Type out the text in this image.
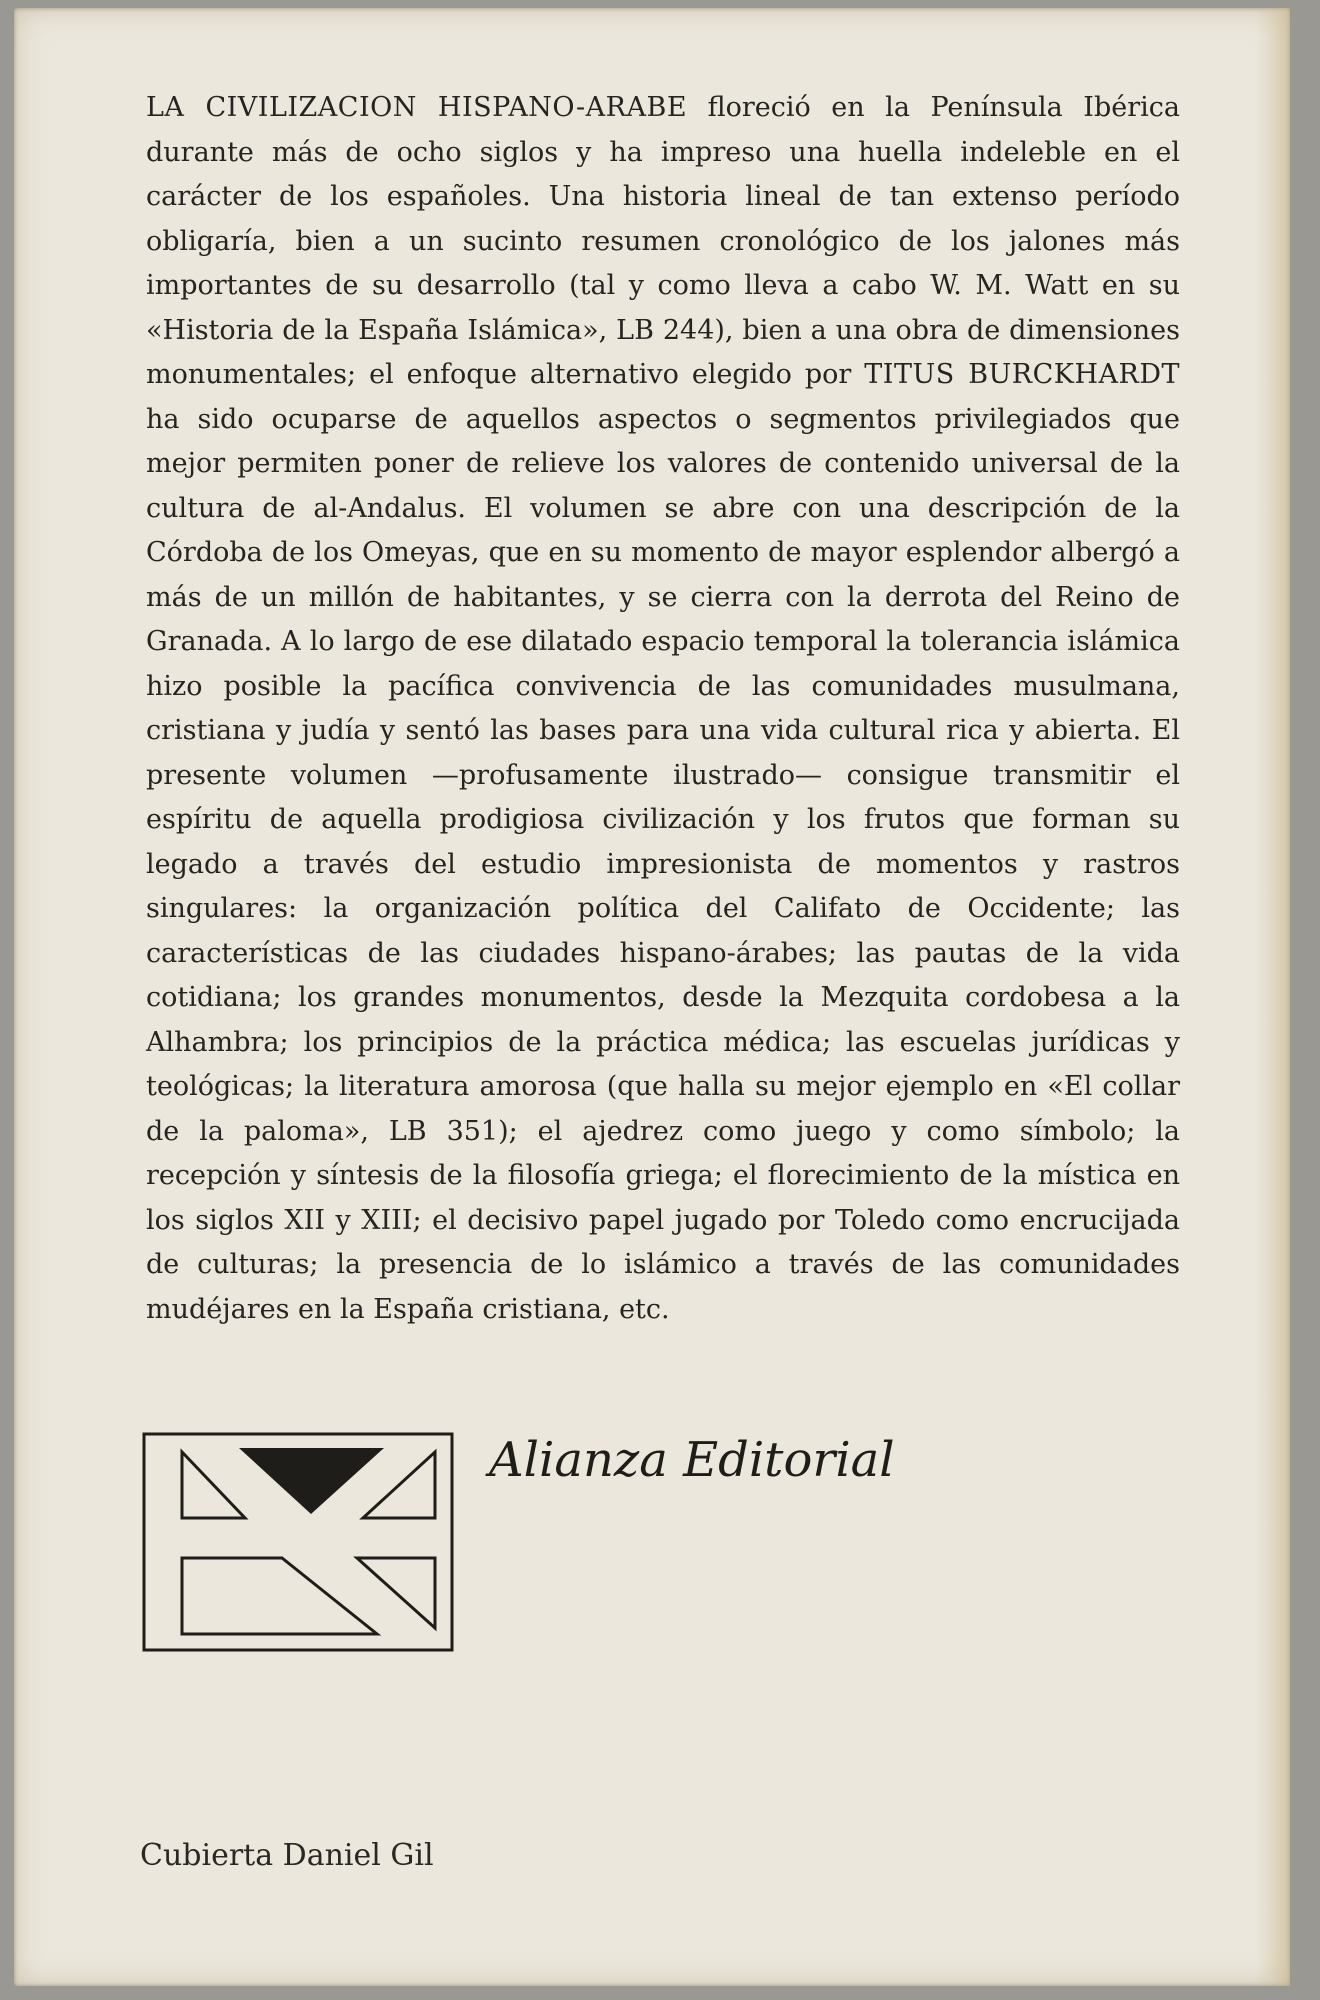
LA CIVILIZACION HISPANO-ARABE floreció en la Península Ibérica durante más de ocho siglos y ha impreso una huella indeleble en el carácter de los españoles. Una historia lineal de tan extenso período obligaría, bien a un sucinto resumen cronológico de los jalones más importantes de su desarrollo (tal y como lleva a cabo W. M. Watt en su «Historia de la España Islámica», LB 244), bien a una obra de dimensiones monumentales; el enfoque alternativo elegido por TITUS BURCKHARDT ha sido ocuparse de aquellos aspectos o segmentos privilegiados que mejor permiten poner de relieve los valores de contenido universal de la cultura de al-Andalus. El volumen se abre con una descripción de la Córdoba de los Omeyas, que en su momento de mayor esplendor albergó a más de un millón de habitantes, y se cierra con la derrota del Reino de Granada. A lo largo de ese dilatado espacio temporal la tolerancia islámica hizo posible la pacífica convivencia de las comunidades musulmana, cristiana y judía y sentó las bases para una vida cultural rica y abierta. El presente volumen —profusamente ilustrado— consigue transmitir el espíritu de aquella prodigiosa civilización y los frutos que forman su legado a través del estudio impresionista de momentos y rastros singulares: la organización política del Califato de Occidente; las características de las ciudades hispano-árabes; las pautas de la vida cotidiana; los grandes monumentos, desde la Mezquita cordobesa a la Alhambra; los principios de la práctica médica; las escuelas jurídicas y teológicas; la literatura amorosa (que halla su mejor ejemplo en «El collar de la paloma», LB 351); el ajedrez como juego y como símbolo; la recepción y síntesis de la filosofía griega; el florecimiento de la mística en los siglos XII y XIII; el decisivo papel jugado por Toledo como encrucijada de culturas; la presencia de lo islámico a través de las comunidades mudéjares en la España cristiana, etc.

Alianza Editorial
Cubierta Daniel Gil
